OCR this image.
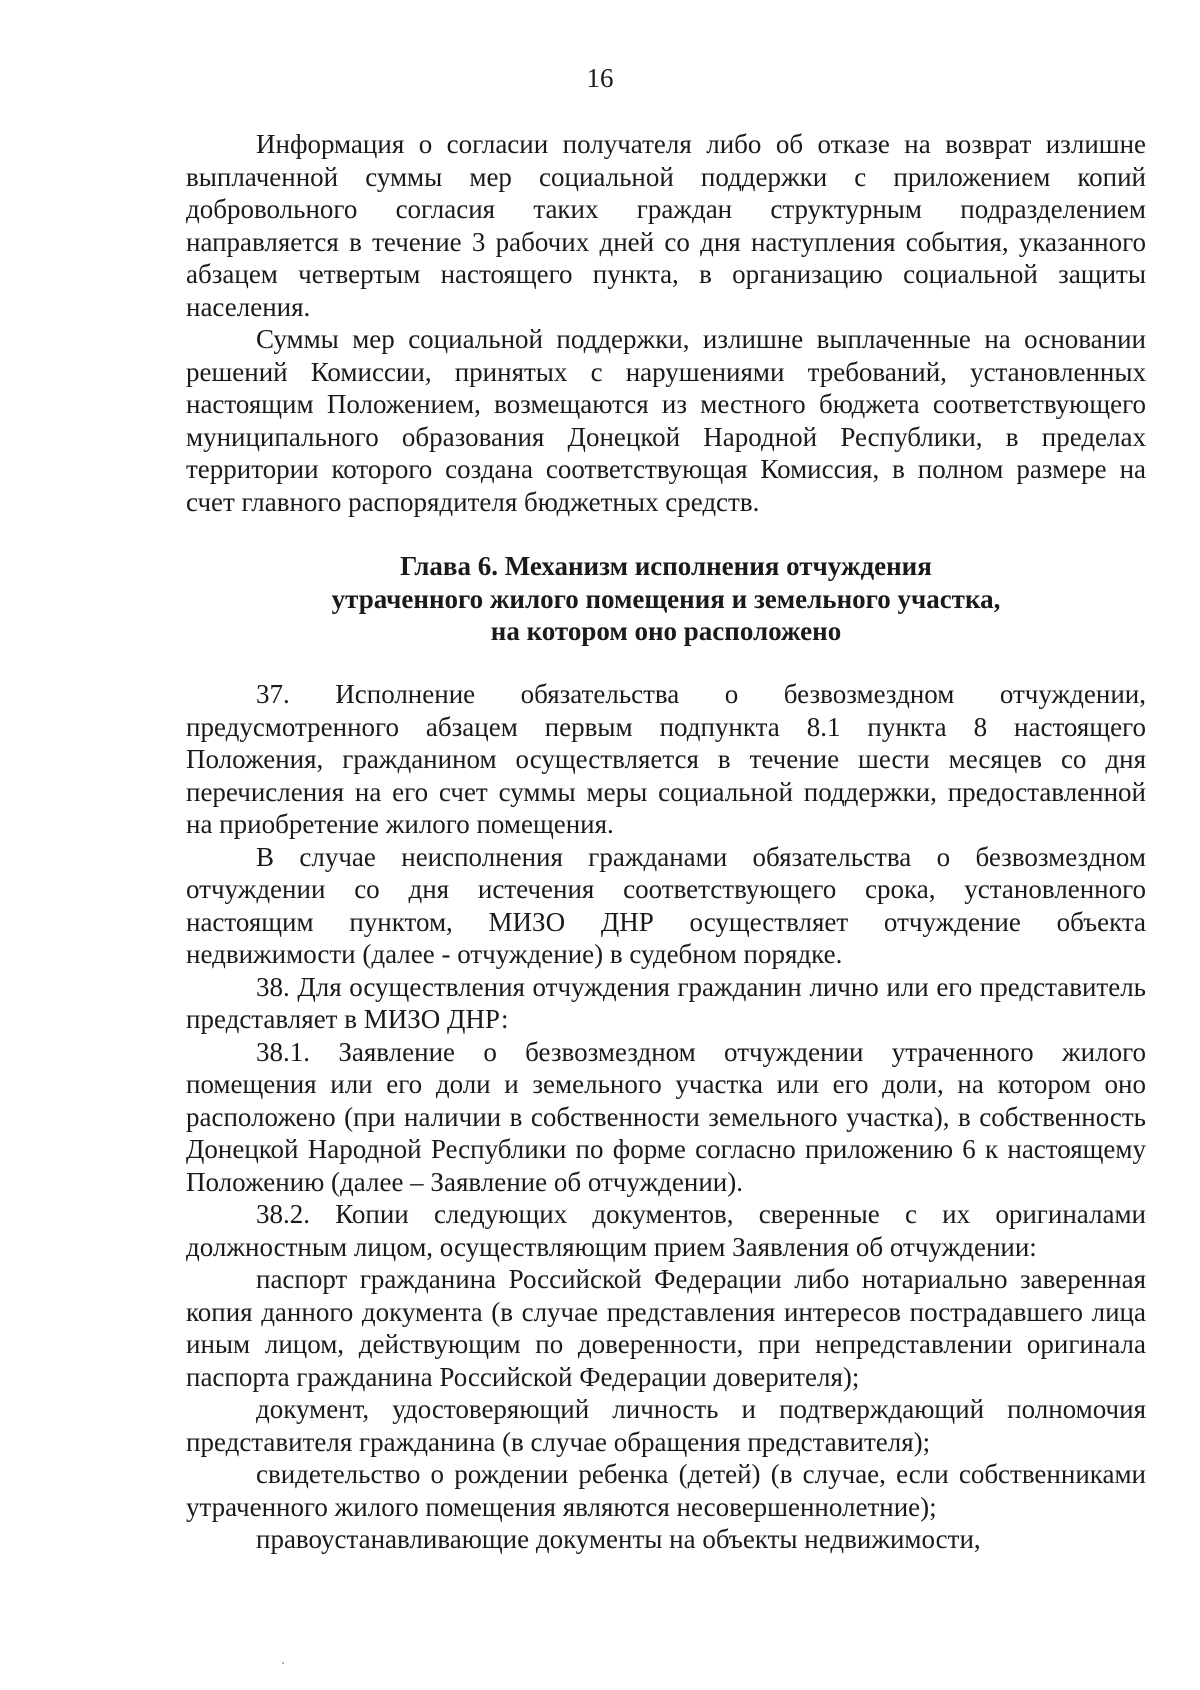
16

Информация о согласии получателя либо об отказе на возврат излишне выплаченной суммы мер социальной поддержки с приложением копий добровольного согласия таких граждан структурным подразделением направляется в течение 3 рабочих дней со дня наступления события, указанного абзацем четвертым настоящего пункта, в организацию социальной защиты населения.

Суммы мер социальной поддержки, излишне выплаченные на основании решений Комиссии, принятых с нарушениями требований, установленных настоящим Положением, возмещаются из местного бюджета соответствующего муниципального образования Донецкой Народной Республики, в пределах территории которого создана соответствующая Комиссия, в полном размере на счет главного распорядителя бюджетных средств.

Глава 6. Механизм исполнения отчуждения
утраченного жилого помещения и земельного участка,
на котором оно расположено

37. Исполнение обязательства о безвозмездном отчуждении, предусмотренного абзацем первым подпункта 8.1 пункта 8 настоящего Положения, гражданином осуществляется в течение шести месяцев со дня перечисления на его счет суммы меры социальной поддержки, предоставленной на приобретение жилого помещения.

В случае неисполнения гражданами обязательства о безвозмездном отчуждении со дня истечения соответствующего срока, установленного настоящим пунктом, МИЗО ДНР осуществляет отчуждение объекта недвижимости (далее - отчуждение) в судебном порядке.

38. Для осуществления отчуждения гражданин лично или его представитель представляет в МИЗО ДНР:

38.1. Заявление о безвозмездном отчуждении утраченного жилого помещения или его доли и земельного участка или его доли, на котором оно расположено (при наличии в собственности земельного участка), в собственность Донецкой Народной Республики по форме согласно приложению 6 к настоящему Положению (далее – Заявление об отчуждении).

38.2. Копии следующих документов, сверенные с их оригиналами должностным лицом, осуществляющим прием Заявления об отчуждении:

паспорт гражданина Российской Федерации либо нотариально заверенная копия данного документа (в случае представления интересов пострадавшего лица иным лицом, действующим по доверенности, при непредставлении оригинала паспорта гражданина Российской Федерации доверителя);

документ, удостоверяющий личность и подтверждающий полномочия представителя гражданина (в случае обращения представителя);

свидетельство о рождении ребенка (детей) (в случае, если собственниками утраченного жилого помещения являются несовершеннолетние);

правоустанавливающие документы на объекты недвижимости,
